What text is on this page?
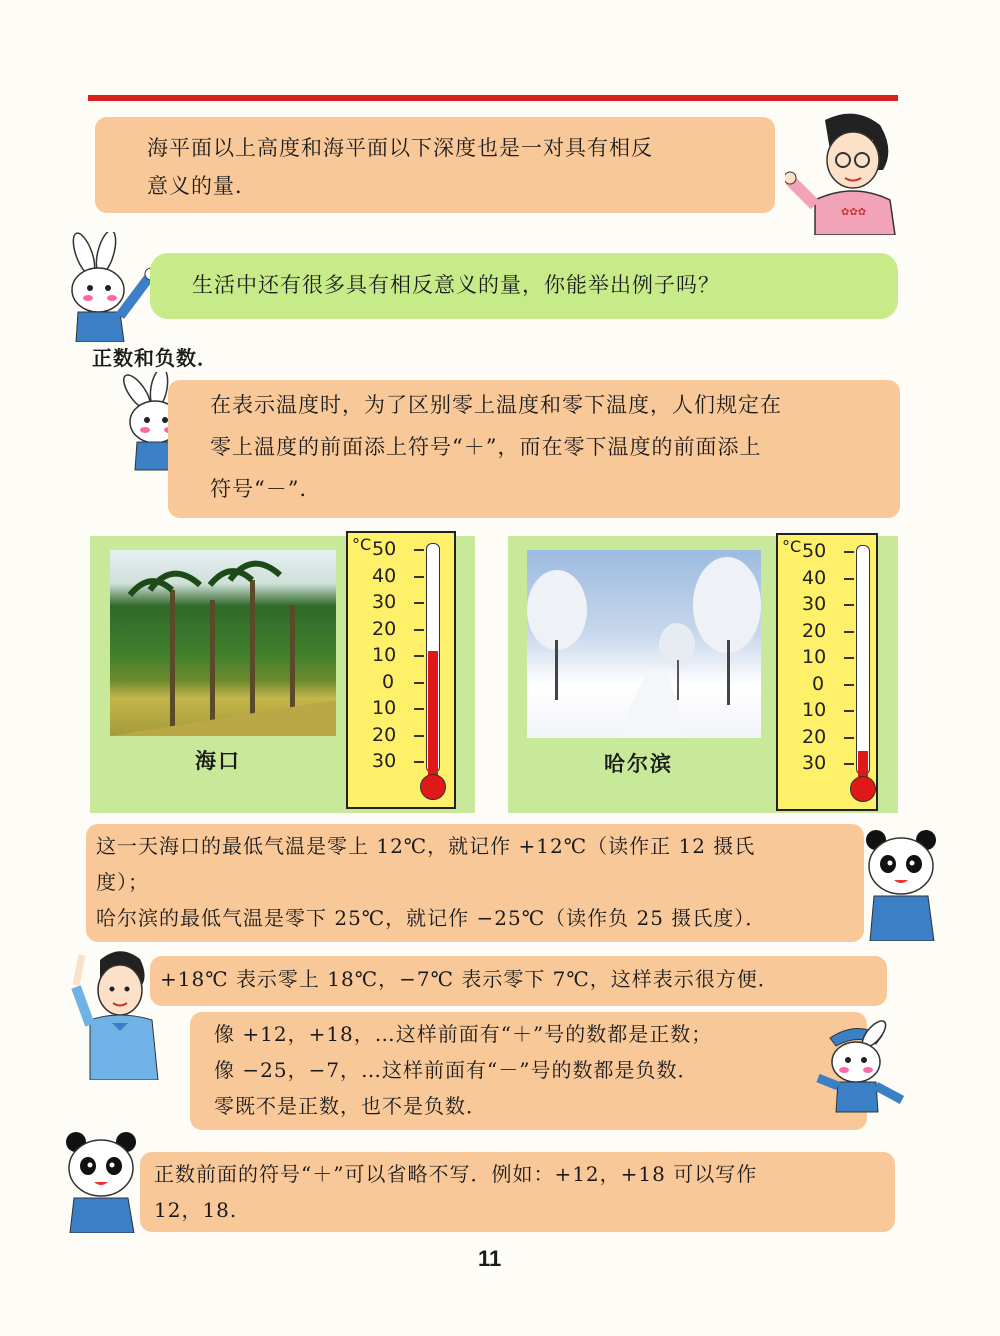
海平面以上高度和海平面以下深度也是一对具有相反
意义的量．
✿✿✿
生活中还有很多具有相反意义的量，你能举出例子吗？
正数和负数．
在表示温度时，为了区别零上温度和零下温度，人们规定在
零上温度的前面添上符号“＋”，而在零下温度的前面添上
符号“－”．
海口
°C 50
40
30
20
10
0
10
20
30	哈尔滨
°C 50
40
30
20
10
0
10
20
30
这一天海口的最低气温是零上 12℃，就记作 +12℃（读作正 12 摄氏
度）；
哈尔滨的最低气温是零下 25℃，就记作 −25℃（读作负 25 摄氏度）．
+18℃ 表示零上 18℃，−7℃ 表示零下 7℃，这样表示很方便．
像 +12，+18，…这样前面有“＋”号的数都是正数；
像 −25，−7，…这样前面有“－”号的数都是负数．
零既不是正数，也不是负数．
正数前面的符号“＋”可以省略不写．例如：+12，+18 可以写作
12，18.
11
